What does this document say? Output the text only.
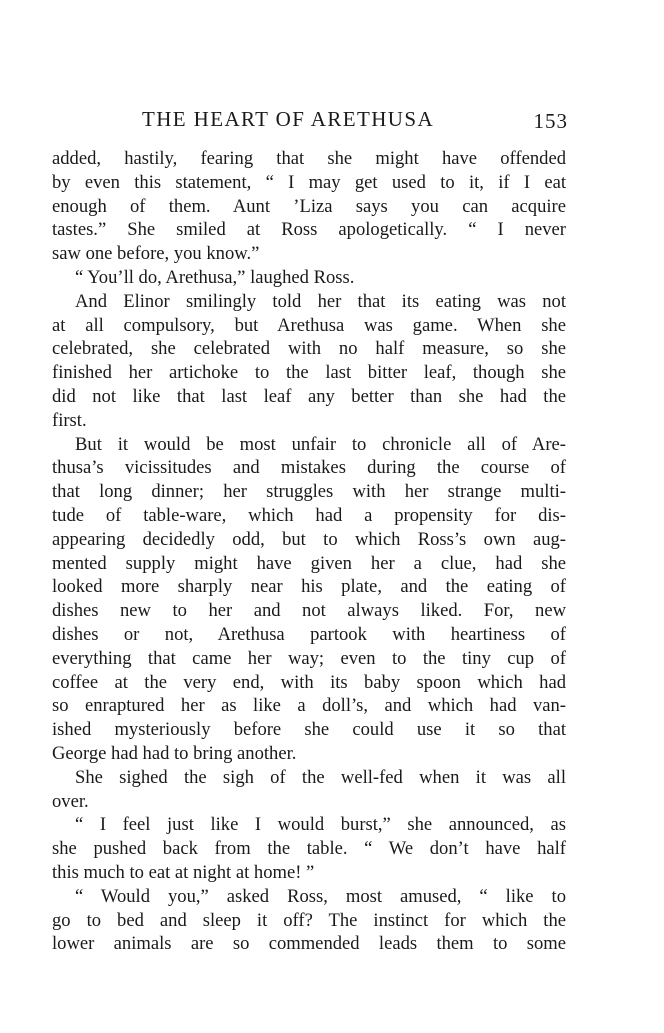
THE HEART OF ARETHUSA	153
added, hastily, fearing that she might have offended
by even this statement, “ I may get used to it, if I eat
enough of them. Aunt ’Liza says you can acquire
tastes.” She smiled at Ross apologetically. “ I never
saw one before, you know.”
“ You’ll do, Arethusa,” laughed Ross.
And Elinor smilingly told her that its eating was not
at all compulsory, but Arethusa was game. When she
celebrated, she celebrated with no half measure, so she
finished her artichoke to the last bitter leaf, though she
did not like that last leaf any better than she had the
first.
But it would be most unfair to chronicle all of Are-
thusa’s vicissitudes and mistakes during the course of
that long dinner; her struggles with her strange multi-
tude of table-ware, which had a propensity for dis-
appearing decidedly odd, but to which Ross’s own aug-
mented supply might have given her a clue, had she
looked more sharply near his plate, and the eating of
dishes new to her and not always liked. For, new
dishes or not, Arethusa partook with heartiness of
everything that came her way; even to the tiny cup of
coffee at the very end, with its baby spoon which had
so enraptured her as like a doll’s, and which had van-
ished mysteriously before she could use it so that
George had had to bring another.
She sighed the sigh of the well-fed when it was all
over.
“ I feel just like I would burst,” she announced, as
she pushed back from the table. “ We don’t have half
this much to eat at night at home! ”
“ Would you,” asked Ross, most amused, “ like to
go to bed and sleep it off? The instinct for which the
lower animals are so commended leads them to some
